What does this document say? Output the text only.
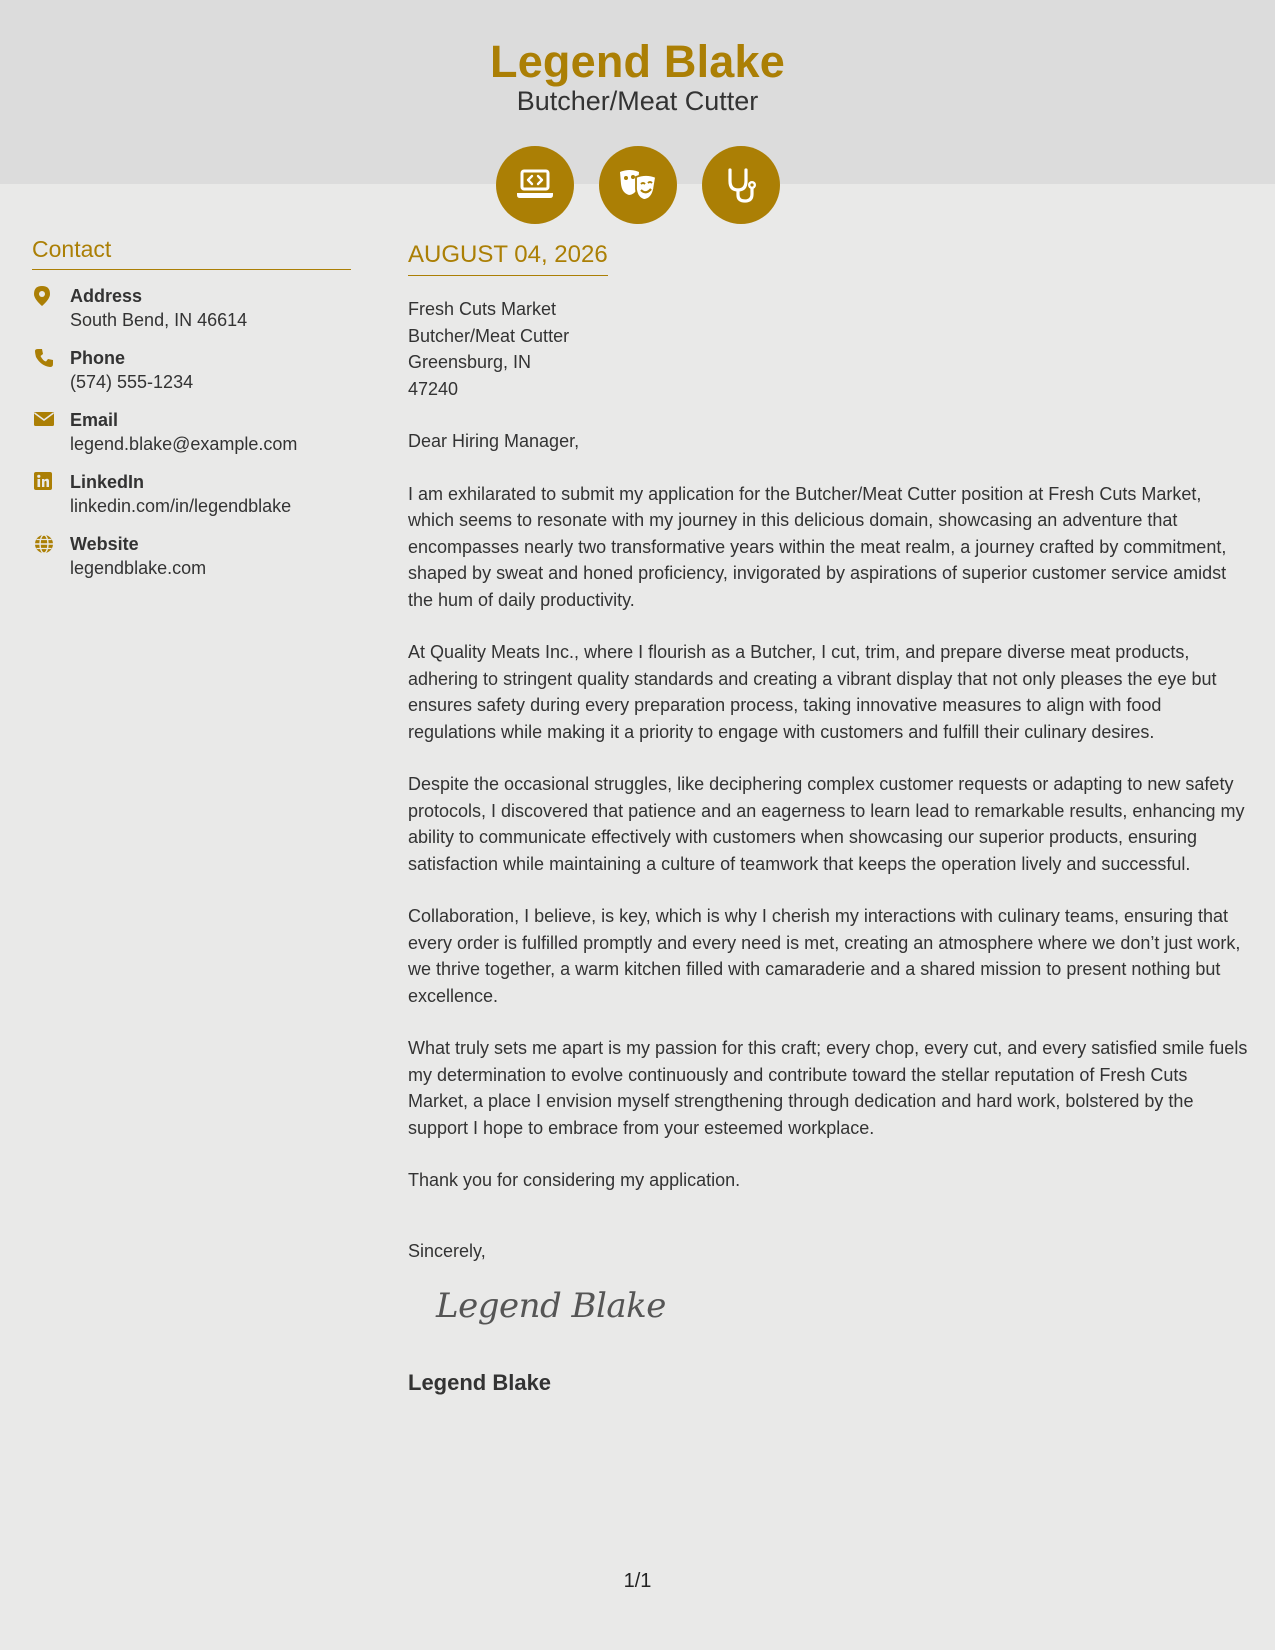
Legend Blake
Butcher/Meat Cutter
Contact
Address
South Bend, IN 46614
Phone
(574) 555-1234
Email
legend.blake@example.com
LinkedIn
linkedin.com/in/legendblake
Website
legendblake.com
AUGUST 04, 2026
Fresh Cuts Market
Butcher/Meat Cutter
Greensburg, IN
47240
Dear Hiring Manager,
I am exhilarated to submit my application for the Butcher/Meat Cutter position at Fresh Cuts Market, which seems to resonate with my journey in this delicious domain, showcasing an adventure that encompasses nearly two transformative years within the meat realm, a journey crafted by commitment, shaped by sweat and honed proficiency, invigorated by aspirations of superior customer service amidst the hum of daily productivity.
At Quality Meats Inc., where I flourish as a Butcher, I cut, trim, and prepare diverse meat products, adhering to stringent quality standards and creating a vibrant display that not only pleases the eye but ensures safety during every preparation process, taking innovative measures to align with food regulations while making it a priority to engage with customers and fulfill their culinary desires.
Despite the occasional struggles, like deciphering complex customer requests or adapting to new safety protocols, I discovered that patience and an eagerness to learn lead to remarkable results, enhancing my ability to communicate effectively with customers when showcasing our superior products, ensuring satisfaction while maintaining a culture of teamwork that keeps the operation lively and successful.
Collaboration, I believe, is key, which is why I cherish my interactions with culinary teams, ensuring that every order is fulfilled promptly and every need is met, creating an atmosphere where we don’t just work, we thrive together, a warm kitchen filled with camaraderie and a shared mission to present nothing but excellence.
What truly sets me apart is my passion for this craft; every chop, every cut, and every satisfied smile fuels my determination to evolve continuously and contribute toward the stellar reputation of Fresh Cuts Market, a place I envision myself strengthening through dedication and hard work, bolstered by the support I hope to embrace from your esteemed workplace.
Thank you for considering my application.
Sincerely,
Legend Blake
Legend Blake
1/1
